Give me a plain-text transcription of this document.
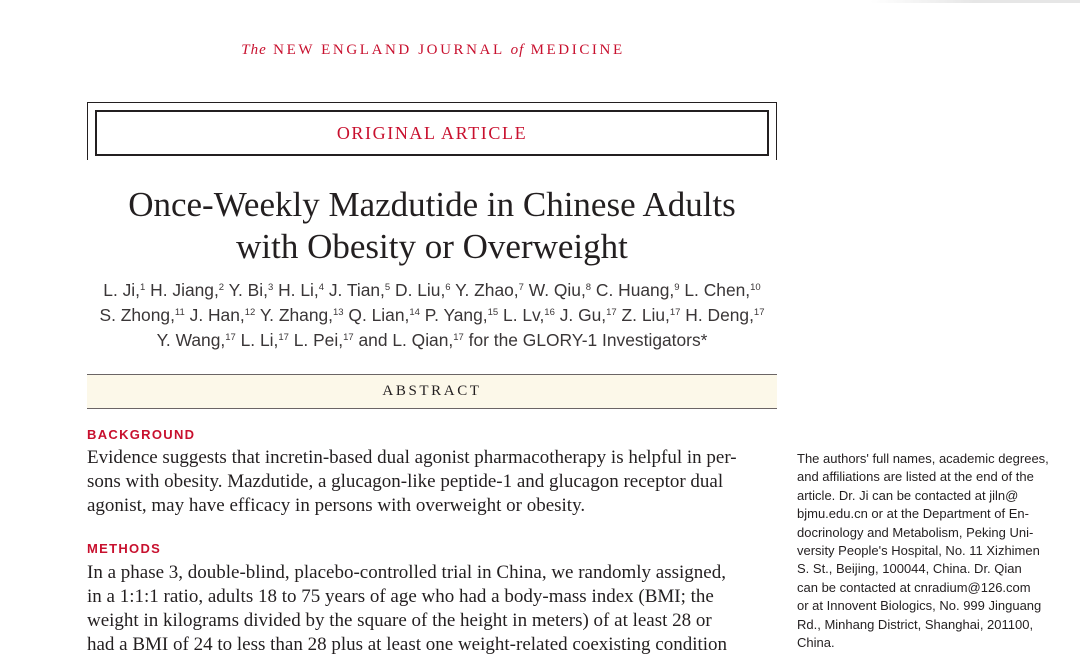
The NEW ENGLAND JOURNAL of MEDICINE
ORIGINAL ARTICLE
Once-Weekly Mazdutide in Chinese Adults
with Obesity or Overweight
L. Ji,$^1$ H. Jiang,$^2$ Y. Bi,$^3$ H. Li,$^4$ J. Tian,$^5$ D. Liu,$^6$ Y. Zhao,$^7$ W. Qiu,$^8$ C. Huang,$^9$ L. Chen,$^{10}$
S. Zhong,$^{11}$ J. Han,$^{12}$ Y. Zhang,$^{13}$ Q. Lian,$^{14}$ P. Yang,$^{15}$ L. Lv,$^{16}$ J. Gu,$^{17}$ Z. Liu,$^{17}$ H. Deng,$^{17}$
Y. Wang,$^{17}$ L. Li,$^{17}$ L. Pei,$^{17}$ and L. Qian,$^{17}$ for the GLORY-1 Investigators*
ABSTRACT
BACKGROUND
Evidence suggests that incretin-based dual agonist pharmacotherapy is helpful in per-
sons with obesity. Mazdutide, a glucagon-like peptide-1 and glucagon receptor dual
agonist, may have efficacy in persons with overweight or obesity.
METHODS
In a phase 3, double-blind, placebo-controlled trial in China, we randomly assigned,
in a 1:1:1 ratio, adults 18 to 75 years of age who had a body-mass index (BMI; the
weight in kilograms divided by the square of the height in meters) of at least 28 or
had a BMI of 24 to less than 28 plus at least one weight-related coexisting condition
The authors' full names, academic degrees,
and affiliations are listed at the end of the
article. Dr. Ji can be contacted at jiln@
bjmu.edu.cn or at the Department of En-
docrinology and Metabolism, Peking Uni-
versity People's Hospital, No. 11 Xizhimen
S. St., Beijing, 100044, China. Dr. Qian
can be contacted at cnradium@126.com
or at Innovent Biologics, No. 999 Jinguang
Rd., Minhang District, Shanghai, 201100,
China.
